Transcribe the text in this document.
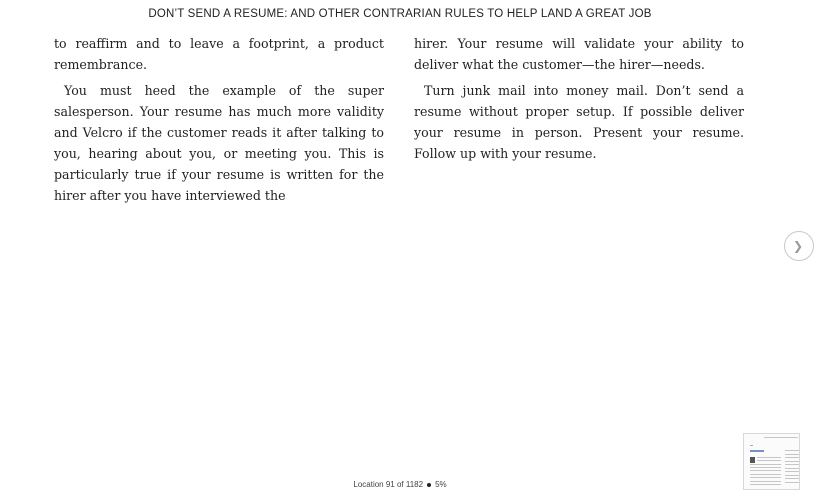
DON’T SEND A RESUME: AND OTHER CONTRARIAN RULES TO HELP LAND A GREAT JOB

to reaffirm and to leave a footprint, a product remembrance.

You must heed the example of the super salesperson. Your resume has much more validity and Velcro if the customer reads it after talking to you, hearing about you, or meeting you. This is particularly true if your resume is written for the hirer after you have interviewed the

hirer. Your resume will validate your ability to deliver what the customer—the hirer—needs.

Turn junk mail into money mail. Don’t send a resume without proper setup. If possible deliver your resume in person. Present your resume. Follow up with your resume.

❯
Location 91 of 1182 5%
